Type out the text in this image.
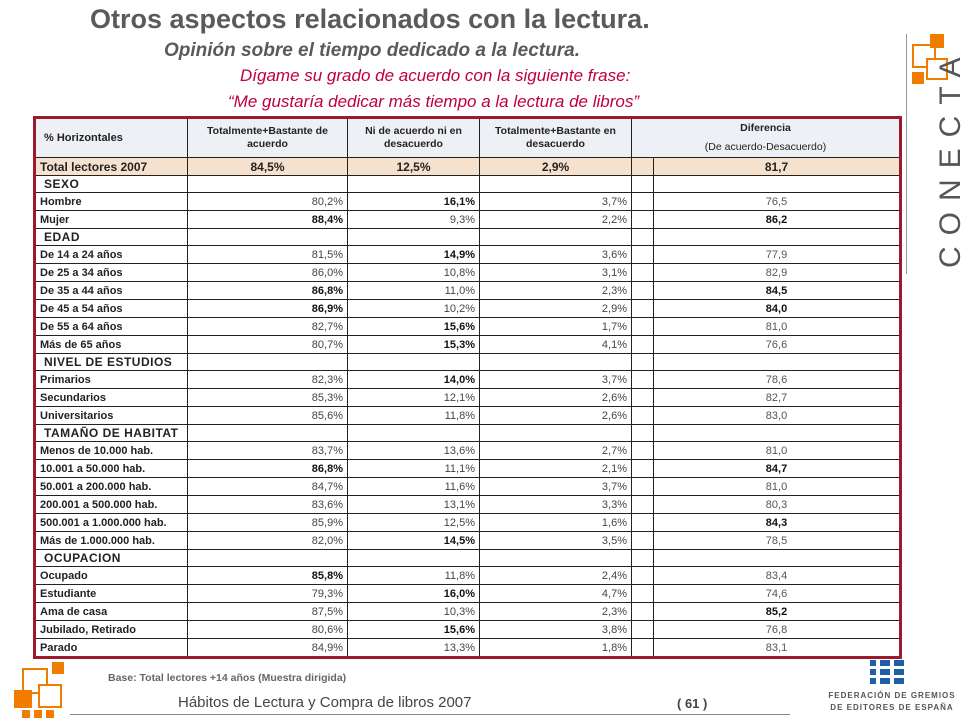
Otros aspectos relacionados con la lectura.
Opinión sobre el tiempo dedicado a la lectura.
Dígame su grado de acuerdo con la siguiente frase:
“Me gustaría dedicar más tiempo a la lectura de libros”	CONECTA
% Horizontales	Totalmente+Bastante de acuerdo	Ni de acuerdo ni en desacuerdo	Totalmente+Bastante en desacuerdo	Diferencia
(De acuerdo-Desacuerdo)	

Total lectores 2007	84,5%	12,5%	2,9%		81,7
SEXO					
Hombre	80,2%	16,1%	3,7%		76,5
Mujer	88,4%	9,3%	2,2%		86,2
EDAD					
De 14 a 24 años	81,5%	14,9%	3,6%		77,9
De 25 a 34 años	86,0%	10,8%	3,1%		82,9
De 35 a 44 años	86,8%	11,0%	2,3%		84,5
De 45 a 54 años	86,9%	10,2%	2,9%		84,0
De 55 a 64 años	82,7%	15,6%	1,7%		81,0
Más de 65 años	80,7%	15,3%	4,1%		76,6
NIVEL DE ESTUDIOS					
Primarios	82,3%	14,0%	3,7%		78,6
Secundarios	85,3%	12,1%	2,6%		82,7
Universitarios	85,6%	11,8%	2,6%		83,0
TAMAÑO DE HABITAT					
Menos de 10.000 hab.	83,7%	13,6%	2,7%		81,0
10.001 a 50.000 hab.	86,8%	11,1%	2,1%		84,7
50.001 a 200.000 hab.	84,7%	11,6%	3,7%		81,0
200.001 a 500.000 hab.	83,6%	13,1%	3,3%		80,3
500.001 a 1.000.000 hab.	85,9%	12,5%	1,6%		84,3
Más de 1.000.000 hab.	82,0%	14,5%	3,5%		78,5
OCUPACION					
Ocupado	85,8%	11,8%	2,4%		83,4
Estudiante	79,3%	16,0%	4,7%		74,6
Ama de casa	87,5%	10,3%	2,3%		85,2
Jubilado, Retirado	80,6%	15,6%	3,8%		76,8
Parado	84,9%	13,3%	1,8%		83,1
Base: Total lectores +14 años (Muestra dirigida)
Hábitos de Lectura y Compra de libros 2007	( 61 )
FEDERACIÓN DE GREMIOS DE EDITORES DE ESPAÑA
